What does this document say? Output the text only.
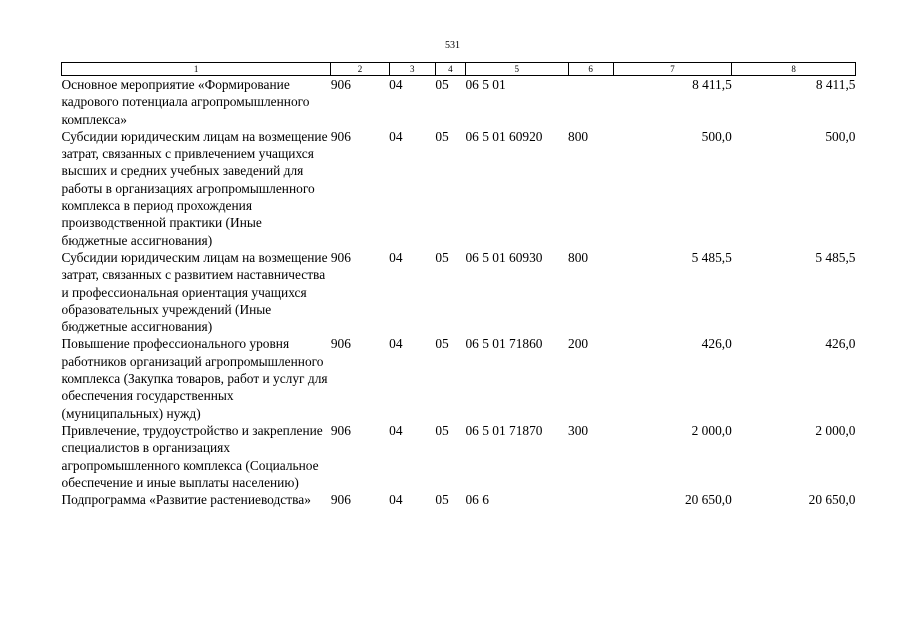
531
1	2	3	4	5	6	7	8
Основное мероприятие «Формирование кадрового потенциала агропромышленного комплекса»	906	04	05	06 5 01		8 411,5	8 411,5
Субсидии юридическим лицам на возмещение затрат, связанных с привлечением учащихся высших и средних учебных заведений для работы в организациях агропромышленного комплекса в период прохождения производственной практики (Иные бюджетные ассигнования)	906	04	05	06 5 01 60920	800	500,0	500,0
Субсидии юридическим лицам на возмещение затрат, связанных с развитием наставничества и профессиональная ориентация учащихся образовательных учреждений (Иные бюджетные ассигнования)	906	04	05	06 5 01 60930	800	5 485,5	5 485,5
Повышение профессионального уровня работников организаций агропромышленного комплекса (Закупка товаров, работ и услуг для обеспечения государственных (муниципальных) нужд)	906	04	05	06 5 01 71860	200	426,0	426,0
Привлечение, трудоустройство и закрепление специалистов в организациях агропромышленного комплекса (Социальное обеспечение и иные выплаты населению)	906	04	05	06 5 01 71870	300	2 000,0	2 000,0
Подпрограмма «Развитие растениеводства»	906	04	05	06 6		20 650,0	20 650,0
